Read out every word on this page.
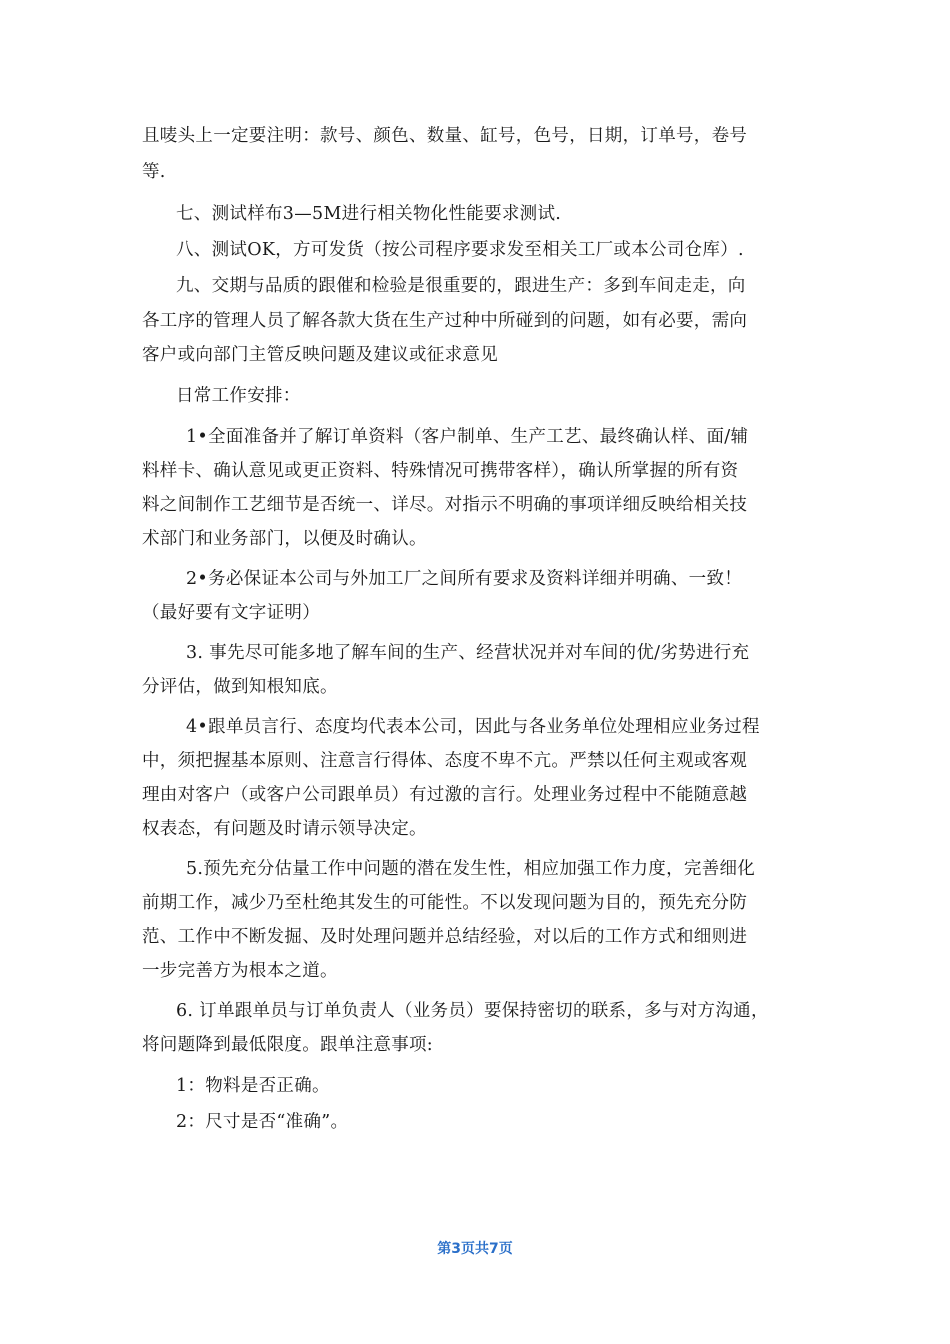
且唛头上一定要注明：款号、颜色、数量、缸号，色号，日期，订单号，卷号
等.
七、测试样布3—5M进行相关物化性能要求测试.
八、测试OK，方可发货（按公司程序要求发至相关工厂或本公司仓库）.
九、交期与品质的跟催和检验是很重要的，跟进生产：多到车间走走，向
各工序的管理人员了解各款大货在生产过种中所碰到的问题，如有必要，需向
客户或向部门主管反映问题及建议或征求意见
日常工作安排：
1•全面准备并了解订单资料（客户制单、生产工艺、最终确认样、面/辅
料样卡、确认意见或更正资料、特殊情况可携带客样），确认所掌握的所有资
料之间制作工艺细节是否统一、详尽。对指示不明确的事项详细反映给相关技
术部门和业务部门，以便及时确认。
2•务必保证本公司与外加工厂之间所有要求及资料详细并明确、一致！
（最好要有文字证明）
3. 事先尽可能多地了解车间的生产、经营状况并对车间的优/劣势进行充
分评估，做到知根知底。
4•跟单员言行、态度均代表本公司，因此与各业务单位处理相应业务过程
中，须把握基本原则、注意言行得体、态度不卑不亢。严禁以任何主观或客观
理由对客户（或客户公司跟单员）有过激的言行。处理业务过程中不能随意越
权表态，有问题及时请示领导决定。
5.预先充分估量工作中问题的潜在发生性，相应加强工作力度，完善细化
前期工作，减少乃至杜绝其发生的可能性。不以发现问题为目的，预先充分防
范、工作中不断发掘、及时处理问题并总结经验，对以后的工作方式和细则进
一步完善方为根本之道。
6. 订单跟单员与订单负责人（业务员）要保持密切的联系，多与对方沟通，
将问题降到最低限度。跟单注意事项:
1：物料是否正确。
2：尺寸是否“准确”。
第3页共7页
